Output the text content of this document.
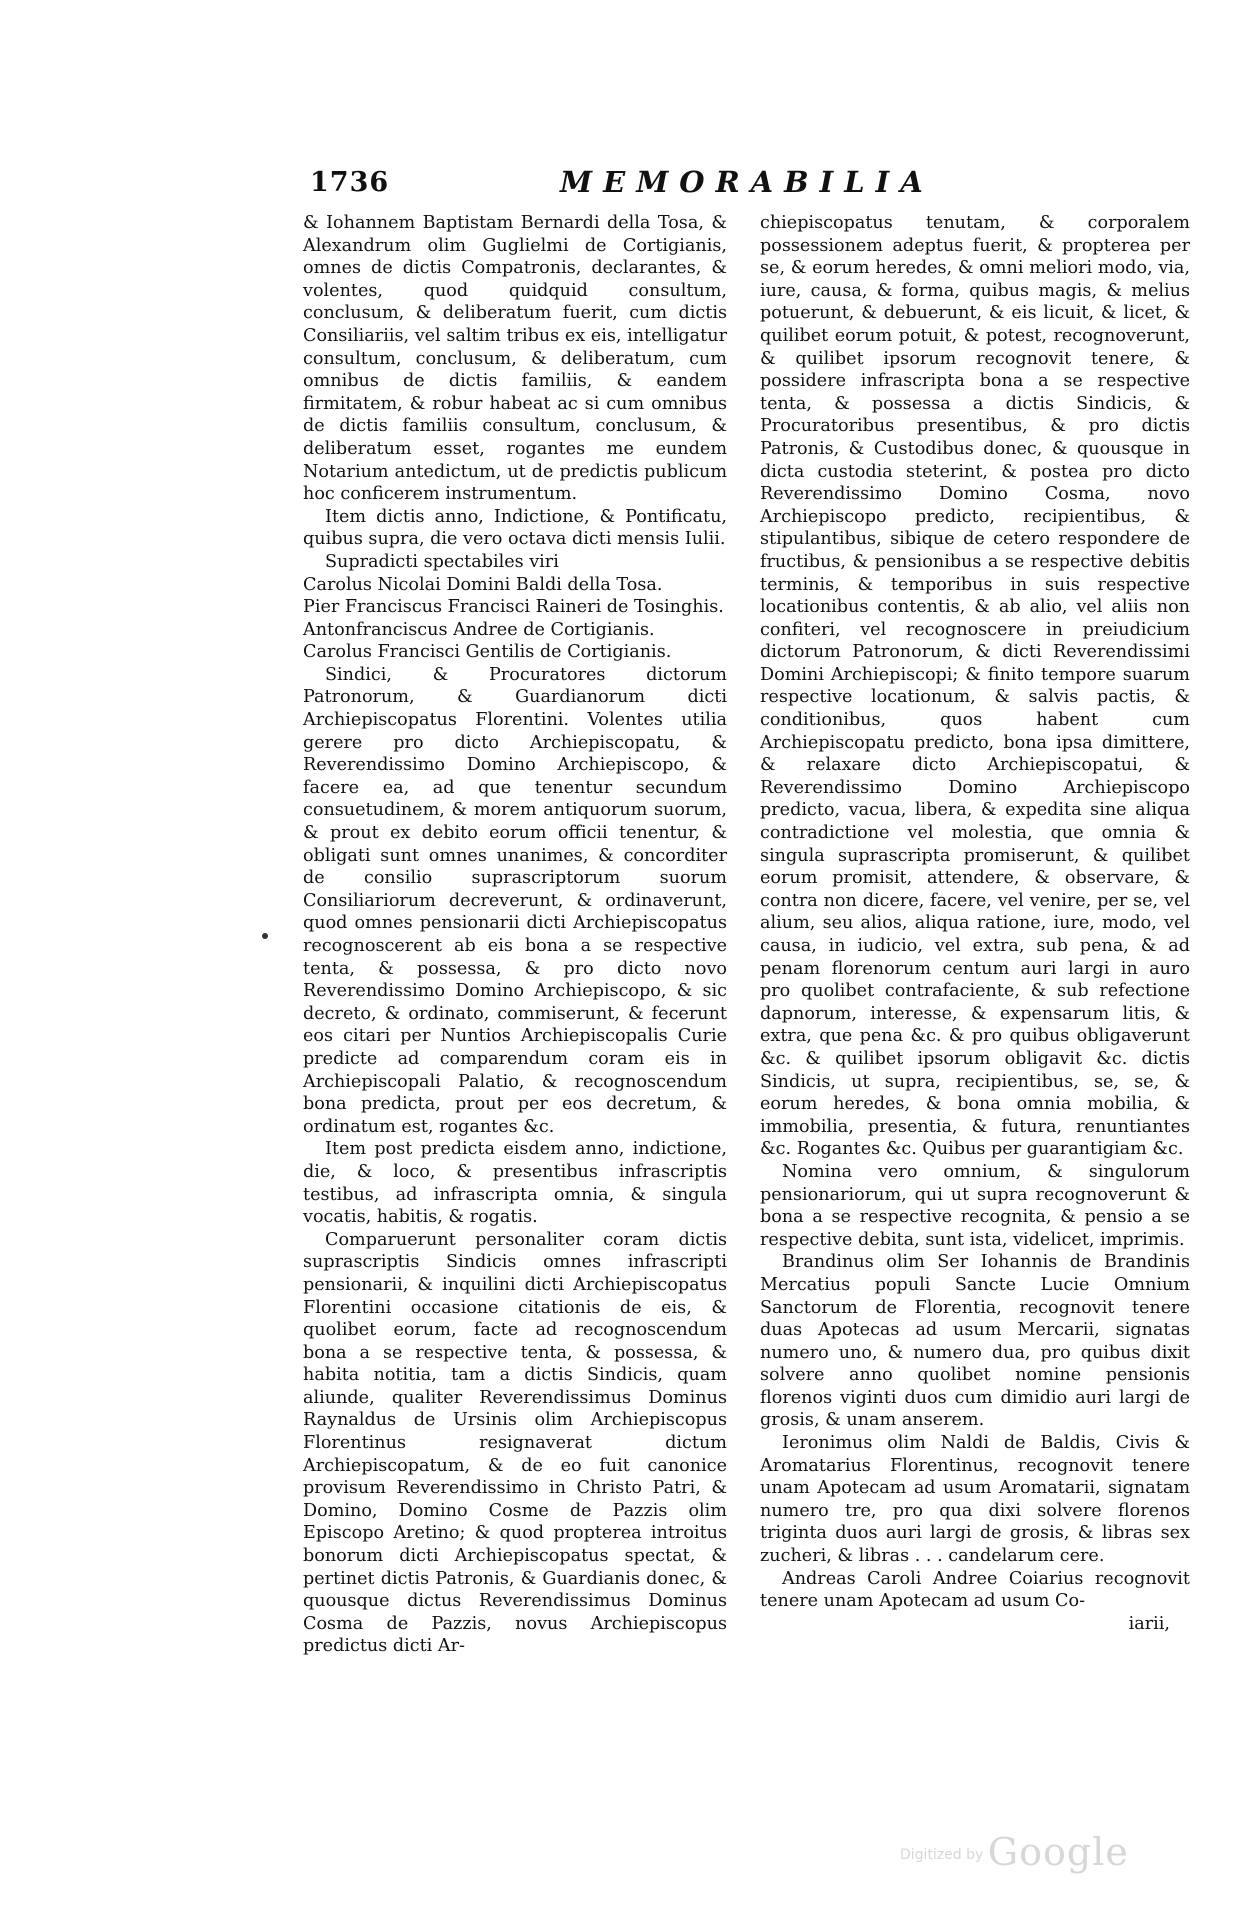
1736	MEMORABILIA

& Iohannem Baptistam Bernardi della Tosa, & Alexandrum olim Guglielmi de Cortigianis, omnes de dictis Compatronis, declarantes, & volentes, quod quidquid consultum, conclusum, & deliberatum fuerit, cum dictis Consiliariis, vel saltim tribus ex eis, intelligatur consultum, conclusum, & deliberatum, cum omnibus de dictis familiis, & eandem firmitatem, & robur habeat ac si cum omnibus de dictis familiis consultum, conclusum, & deliberatum esset, rogantes me eundem Notarium antedictum, ut de predictis publicum hoc conficerem instrumentum.

Item dictis anno, Indictione, & Pontificatu, quibus supra, die vero octava dicti mensis Iulii.

Supradicti spectabiles viri

Carolus Nicolai Domini Baldi della Tosa.

Pier Franciscus Francisci Raineri de Tosinghis.

Antonfranciscus Andree de Cortigianis.

Carolus Francisci Gentilis de Cortigianis.

Sindici, & Procuratores dictorum Patronorum, & Guardianorum dicti Archiepiscopatus Florentini. Volentes utilia gerere pro dicto Archiepiscopatu, & Reverendissimo Domino Archiepiscopo, & facere ea, ad que tenentur secundum consuetudinem, & morem antiquorum suorum, & prout ex debito eorum officii tenentur, & obligati sunt omnes unanimes, & concorditer de consilio suprascriptorum suorum Consiliariorum decreverunt, & ordinaverunt, quod omnes pensionarii dicti Archiepiscopatus recognoscerent ab eis bona a se respective tenta, & possessa, & pro dicto novo Reverendissimo Domino Archiepiscopo, & sic decreto, & ordinato, commiserunt, & fecerunt eos citari per Nuntios Archiepiscopalis Curie predicte ad comparendum coram eis in Archiepiscopali Palatio, & recognoscendum bona predicta, prout per eos decretum, & ordinatum est, rogantes &c.

Item post predicta eisdem anno, indictione, die, & loco, & presentibus infrascriptis testibus, ad infrascripta omnia, & singula vocatis, habitis, & rogatis.

Comparuerunt personaliter coram dictis suprascriptis Sindicis omnes infrascripti pensionarii, & inquilini dicti Archiepiscopatus Florentini occasione citationis de eis, & quolibet eorum, facte ad recognoscendum bona a se respective tenta, & possessa, & habita notitia, tam a dictis Sindicis, quam aliunde, qualiter Reverendissimus Dominus Raynaldus de Ursinis olim Archiepiscopus Florentinus resignaverat dictum Archiepiscopatum, & de eo fuit canonice provisum Reverendissimo in Christo Patri, & Domino, Domino Cosme de Pazzis olim Episcopo Aretino; & quod propterea introitus bonorum dicti Archiepiscopatus spectat, & pertinet dictis Patronis, & Guardianis donec, & quousque dictus Reverendissimus Dominus Cosma de Pazzis, novus Archiepiscopus predictus dicti Ar-

chiepiscopatus tenutam, & corporalem possessionem adeptus fuerit, & propterea per se, & eorum heredes, & omni meliori modo, via, iure, causa, & forma, quibus magis, & melius potuerunt, & debuerunt, & eis licuit, & licet, & quilibet eorum potuit, & potest, recognoverunt, & quilibet ipsorum recognovit tenere, & possidere infrascripta bona a se respective tenta, & possessa a dictis Sindicis, & Procuratoribus presentibus, & pro dictis Patronis, & Custodibus donec, & quousque in dicta custodia steterint, & postea pro dicto Reverendissimo Domino Cosma, novo Archiepiscopo predicto, recipientibus, & stipulantibus, sibique de cetero respondere de fructibus, & pensionibus a se respective debitis terminis, & temporibus in suis respective locationibus contentis, & ab alio, vel aliis non confiteri, vel recognoscere in preiudicium dictorum Patronorum, & dicti Reverendissimi Domini Archiepiscopi; & finito tempore suarum respective locationum, & salvis pactis, & conditionibus, quos habent cum Archiepiscopatu predicto, bona ipsa dimittere, & relaxare dicto Archiepiscopatui, & Reverendissimo Domino Archiepiscopo predicto, vacua, libera, & expedita sine aliqua contradictione vel molestia, que omnia & singula suprascripta promiserunt, & quilibet eorum promisit, attendere, & observare, & contra non dicere, facere, vel venire, per se, vel alium, seu alios, aliqua ratione, iure, modo, vel causa, in iudicio, vel extra, sub pena, & ad penam florenorum centum auri largi in auro pro quolibet contrafaciente, & sub refectione dapnorum, interesse, & expensarum litis, & extra, que pena &c. & pro quibus obligaverunt &c. & quilibet ipsorum obligavit &c. dictis Sindicis, ut supra, recipientibus, se, se, & eorum heredes, & bona omnia mobilia, & immobilia, presentia, & futura, renuntiantes &c. Rogantes &c. Quibus per guarantigiam &c.

Nomina vero omnium, & singulorum pensionariorum, qui ut supra recognoverunt & bona a se respective recognita, & pensio a se respective debita, sunt ista, videlicet, imprimis.

Brandinus olim Ser Iohannis de Brandinis Mercatius populi Sancte Lucie Omnium Sanctorum de Florentia, recognovit tenere duas Apotecas ad usum Mercarii, signatas numero uno, & numero dua, pro quibus dixit solvere anno quolibet nomine pensionis florenos viginti duos cum dimidio auri largi de grosis, & unam anserem.

Ieronimus olim Naldi de Baldis, Civis & Aromatarius Florentinus, recognovit tenere unam Apotecam ad usum Aromatarii, signatam numero tre, pro qua dixi solvere florenos triginta duos auri largi de grosis, & libras sex zucheri, & libras . . . candelarum cere.

Andreas Caroli Andree Coiarius recognovit tenere unam Apotecam ad usum Co-

iarii,

Digitized by Google
